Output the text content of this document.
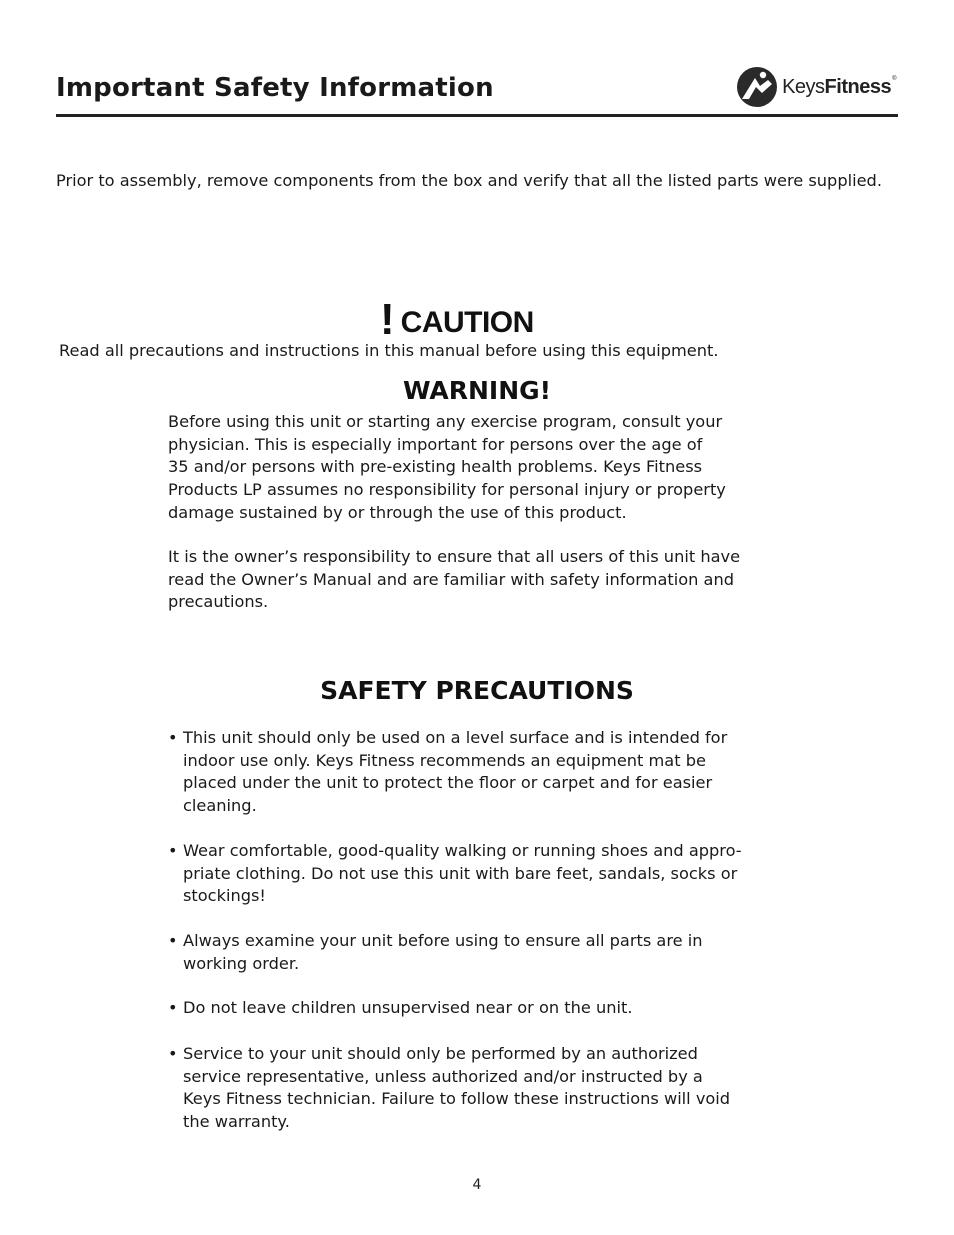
Important Safety Information	KeysFitness®
Prior to assembly, remove components from the box and verify that all the listed parts were supplied.
! CAUTION
Read all precautions and instructions in this manual before using this equipment.
WARNING!
Before using this unit or starting any exercise program, consult your
physician. This is especially important for persons over the age of
35 and/or persons with pre-existing health problems. Keys Fitness
Products LP assumes no responsibility for personal injury or property
damage sustained by or through the use of this product.
It is the owner’s responsibility to ensure that all users of this unit have
read the Owner’s Manual and are familiar with safety information and
precautions.
SAFETY PRECAUTIONS
• This unit should only be used on a level surface and is intended for
indoor use only. Keys Fitness recommends an equipment mat be
placed under the unit to protect the floor or carpet and for easier
cleaning.
• Wear comfortable, good-quality walking or running shoes and appro-
priate clothing. Do not use this unit with bare feet, sandals, socks or
stockings!
• Always examine your unit before using to ensure all parts are in
working order.
• Do not leave children unsupervised near or on the unit.
• Service to your unit should only be performed by an authorized
service representative, unless authorized and/or instructed by a
Keys Fitness technician. Failure to follow these instructions will void
the warranty.
4
